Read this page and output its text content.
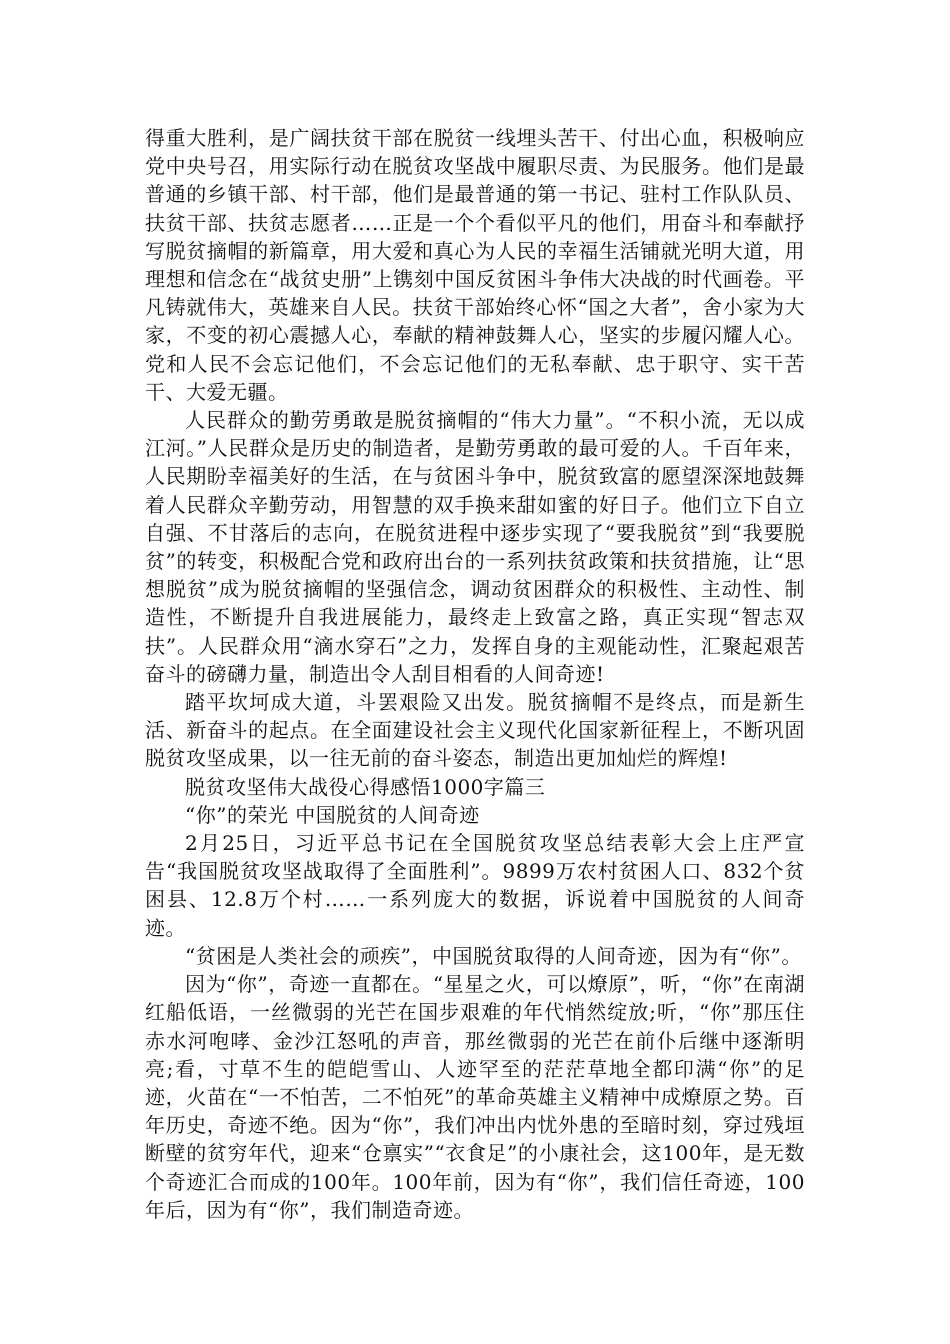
得重大胜利，是广阔扶贫干部在脱贫一线埋头苦干、付出心血，积极响应党中央号召，用实际行动在脱贫攻坚战中履职尽责、为民服务。他们是最普通的乡镇干部、村干部，他们是最普通的第一书记、驻村工作队队员、扶贫干部、扶贫志愿者……正是一个个看似平凡的他们，用奋斗和奉献抒写脱贫摘帽的新篇章，用大爱和真心为人民的幸福生活铺就光明大道，用理想和信念在“战贫史册”上镌刻中国反贫困斗争伟大决战的时代画卷。平凡铸就伟大，英雄来自人民。扶贫干部始终心怀“国之大者”，舍小家为大家，不变的初心震撼人心，奉献的精神鼓舞人心，坚实的步履闪耀人心。党和人民不会忘记他们，不会忘记他们的无私奉献、忠于职守、实干苦干、大爱无疆。

人民群众的勤劳勇敢是脱贫摘帽的“伟大力量”。“不积小流，无以成江河。”人民群众是历史的制造者，是勤劳勇敢的最可爱的人。千百年来，人民期盼幸福美好的生活，在与贫困斗争中，脱贫致富的愿望深深地鼓舞着人民群众辛勤劳动，用智慧的双手换来甜如蜜的好日子。他们立下自立自强、不甘落后的志向，在脱贫进程中逐步实现了“要我脱贫”到“我要脱贫”的转变，积极配合党和政府出台的一系列扶贫政策和扶贫措施，让“思想脱贫”成为脱贫摘帽的坚强信念，调动贫困群众的积极性、主动性、制造性，不断提升自我进展能力，最终走上致富之路，真正实现“智志双扶”。人民群众用“滴水穿石”之力，发挥自身的主观能动性，汇聚起艰苦奋斗的磅礴力量，制造出令人刮目相看的人间奇迹!

踏平坎坷成大道，斗罢艰险又出发。脱贫摘帽不是终点，而是新生活、新奋斗的起点。在全面建设社会主义现代化国家新征程上，不断巩固脱贫攻坚成果，以一往无前的奋斗姿态，制造出更加灿烂的辉煌!

脱贫攻坚伟大战役心得感悟1000字篇三

“你”的荣光 中国脱贫的人间奇迹

2月25日，习近平总书记在全国脱贫攻坚总结表彰大会上庄严宣告“我国脱贫攻坚战取得了全面胜利”。9899万农村贫困人口、832个贫困县、12.8万个村……一系列庞大的数据，诉说着中国脱贫的人间奇迹。

“贫困是人类社会的顽疾”，中国脱贫取得的人间奇迹，因为有“你”。

因为“你”，奇迹一直都在。“星星之火，可以燎原”，听，“你”在南湖红船低语，一丝微弱的光芒在国步艰难的年代悄然绽放;听，“你”那压住赤水河咆哮、金沙江怒吼的声音，那丝微弱的光芒在前仆后继中逐渐明亮;看，寸草不生的皑皑雪山、人迹罕至的茫茫草地全都印满“你”的足迹，火苗在“一不怕苦，二不怕死”的革命英雄主义精神中成燎原之势。百年历史，奇迹不绝。因为“你”，我们冲出内忧外患的至暗时刻，穿过残垣断壁的贫穷年代，迎来“仓禀实”“衣食足”的小康社会，这100年，是无数个奇迹汇合而成的100年。100年前，因为有“你”，我们信任奇迹，100年后，因为有“你”，我们制造奇迹。
